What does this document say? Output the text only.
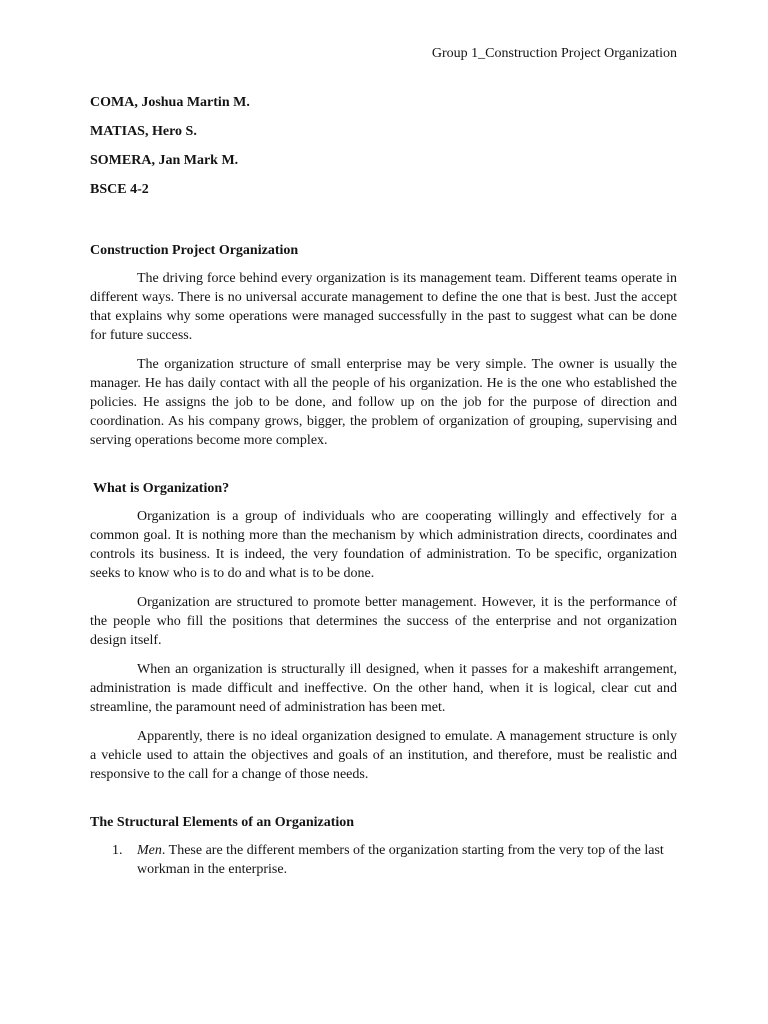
Group 1_Construction Project Organization
COMA, Joshua Martin M.
MATIAS, Hero S.
SOMERA, Jan Mark M.
BSCE 4-2
Construction Project Organization

The driving force behind every organization is its management team. Different teams operate in different ways. There is no universal accurate management to define the one that is best. Just the accept that explains why some operations were managed successfully in the past to suggest what can be done for future success.

The organization structure of small enterprise may be very simple. The owner is usually the manager. He has daily contact with all the people of his organization. He is the one who established the policies. He assigns the job to be done, and follow up on the job for the purpose of direction and coordination. As his company grows, bigger, the problem of organization of grouping, supervising and serving operations become more complex.

What is Organization?

Organization is a group of individuals who are cooperating willingly and effectively for a common goal. It is nothing more than the mechanism by which administration directs, coordinates and controls its business. It is indeed, the very foundation of administration. To be specific, organization seeks to know who is to do and what is to be done.

Organization are structured to promote better management. However, it is the performance of the people who fill the positions that determines the success of the enterprise and not organization design itself.

When an organization is structurally ill designed, when it passes for a makeshift arrangement, administration is made difficult and ineffective. On the other hand, when it is logical, clear cut and streamline, the paramount need of administration has been met.

Apparently, there is no ideal organization designed to emulate. A management structure is only a vehicle used to attain the objectives and goals of an institution, and therefore, must be realistic and responsive to the call for a change of those needs.

The Structural Elements of an Organization
1. Men. These are the different members of the organization starting from the very top of the last workman in the enterprise.
